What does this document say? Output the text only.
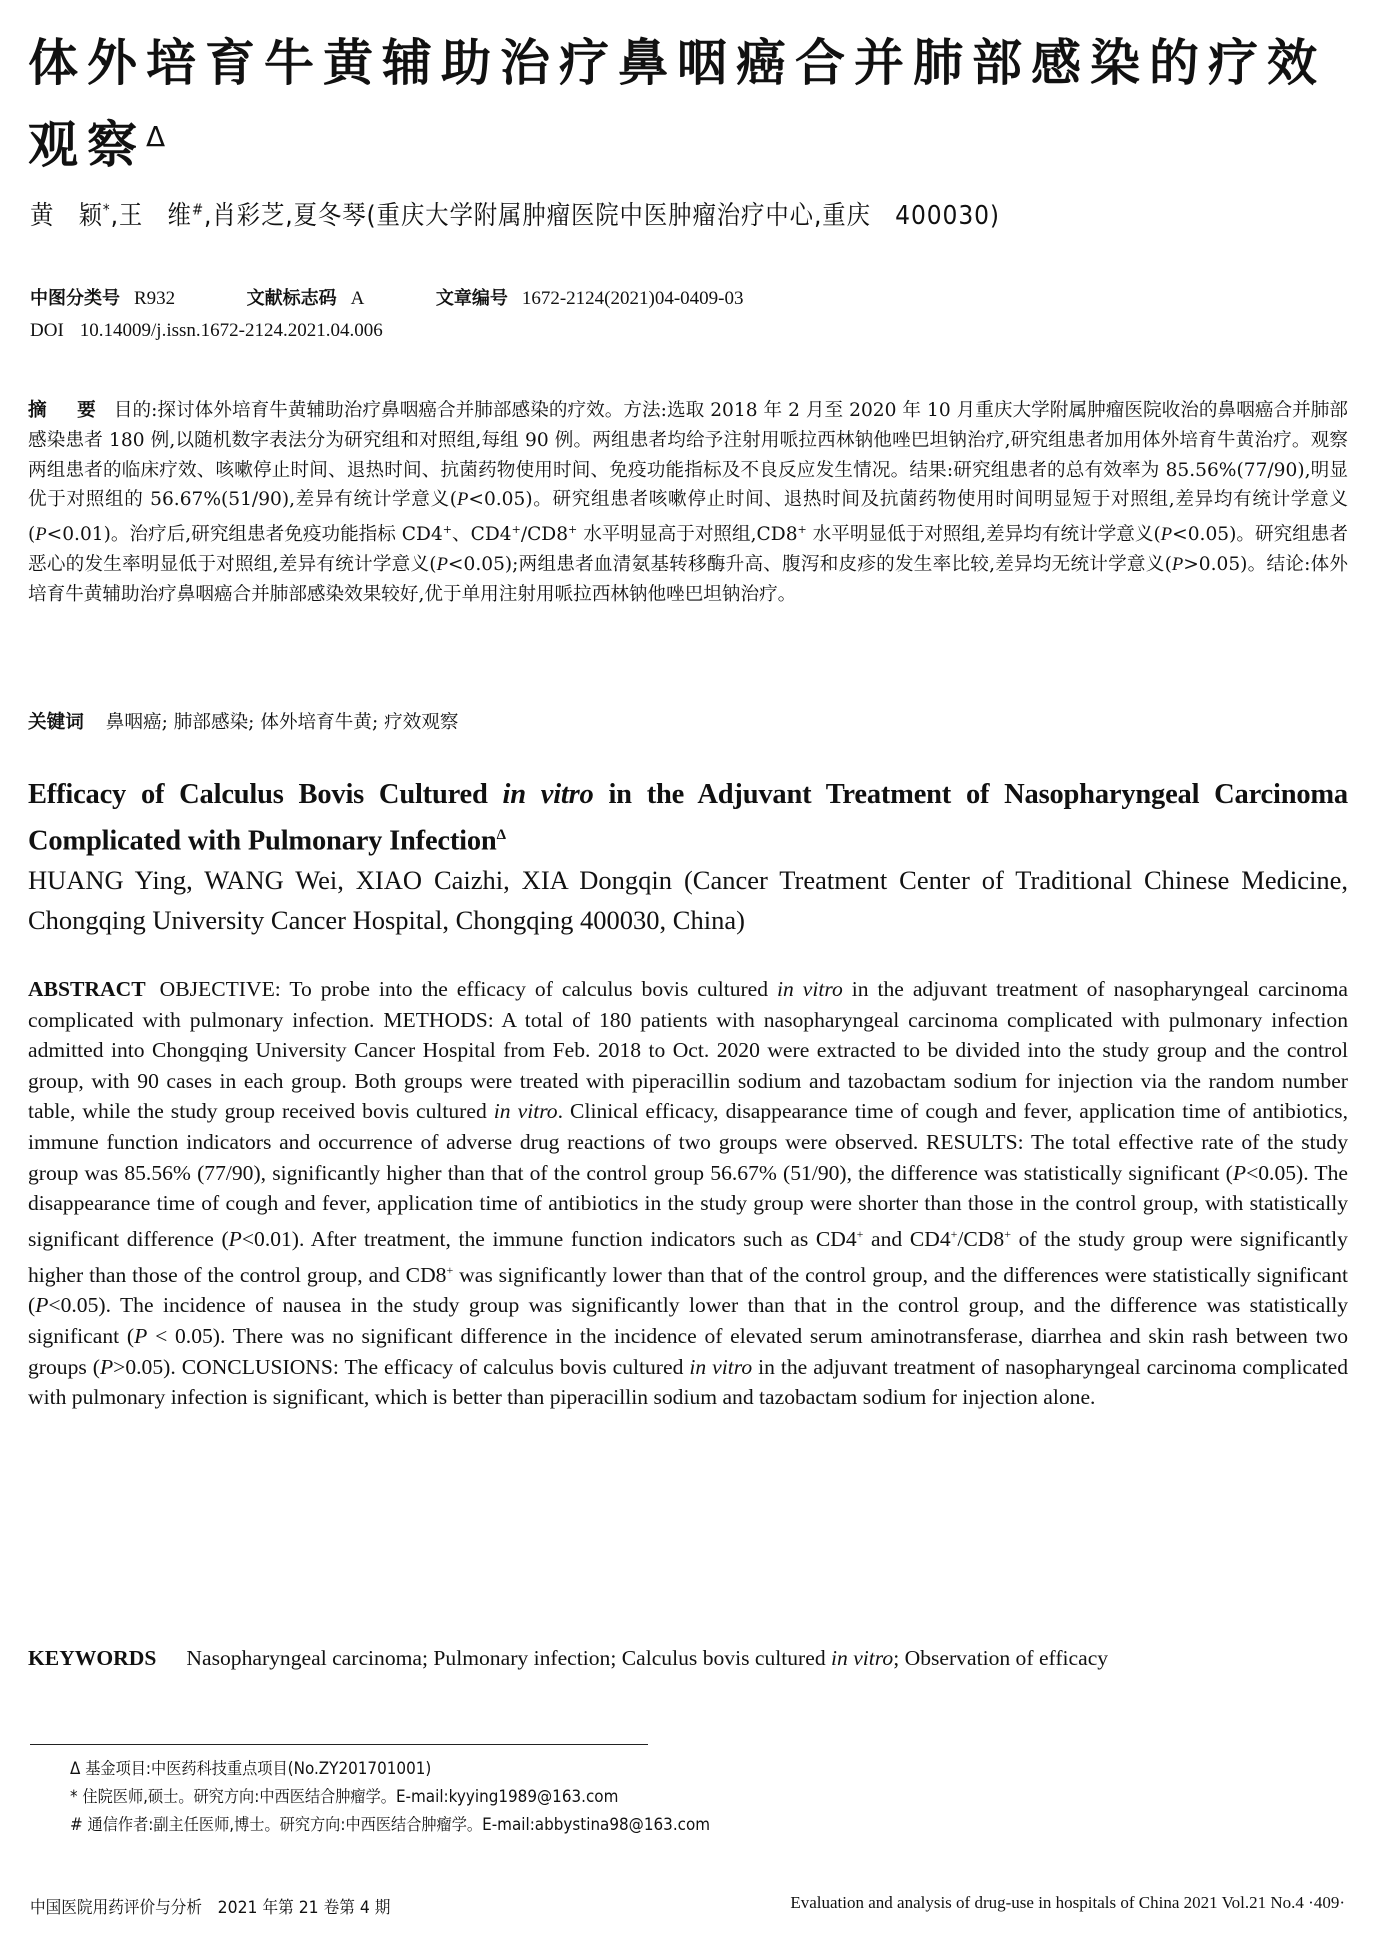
体外培育牛黄辅助治疗鼻咽癌合并肺部感染的疗效观察$^\Delta$
黄　颖*,王　维#,肖彩芝,夏冬琴(重庆大学附属肿瘤医院中医肿瘤治疗中心,重庆　400030)
中图分类号 R932	文献标志码 A	文章编号 1672-2124(2021)04-0409-03
DOI 10.14009/j.issn.1672-2124.2021.04.006
摘 要 目的:探讨体外培育牛黄辅助治疗鼻咽癌合并肺部感染的疗效。方法:选取 2018 年 2 月至 2020 年 10 月重庆大学附属肿瘤医院收治的鼻咽癌合并肺部感染患者 180 例,以随机数字表法分为研究组和对照组,每组 90 例。两组患者均给予注射用哌拉西林钠他唑巴坦钠治疗,研究组患者加用体外培育牛黄治疗。观察两组患者的临床疗效、咳嗽停止时间、退热时间、抗菌药物使用时间、免疫功能指标及不良反应发生情况。结果:研究组患者的总有效率为 85.56%(77/90),明显优于对照组的 56.67%(51/90),差异有统计学意义(P<0.05)。研究组患者咳嗽停止时间、退热时间及抗菌药物使用时间明显短于对照组,差异均有统计学意义(P<0.01)。治疗后,研究组患者免疫功能指标 CD4+、CD4+/CD8+ 水平明显高于对照组,CD8+ 水平明显低于对照组,差异均有统计学意义(P<0.05)。研究组患者恶心的发生率明显低于对照组,差异有统计学意义(P<0.05);两组患者血清氨基转移酶升高、腹泻和皮疹的发生率比较,差异均无统计学意义(P>0.05)。结论:体外培育牛黄辅助治疗鼻咽癌合并肺部感染效果较好,优于单用注射用哌拉西林钠他唑巴坦钠治疗。
关键词 鼻咽癌; 肺部感染; 体外培育牛黄; 疗效观察
Efficacy of Calculus Bovis Cultured in vitro in the Adjuvant Treatment of Nasopharyngeal Carcinoma Complicated with Pulmonary Infection$^\Delta$
HUANG Ying, WANG Wei, XIAO Caizhi, XIA Dongqin (Cancer Treatment Center of Traditional Chinese Medicine, Chongqing University Cancer Hospital, Chongqing 400030, China)
ABSTRACT OBJECTIVE: To probe into the efficacy of calculus bovis cultured in vitro in the adjuvant treatment of nasopharyngeal carcinoma complicated with pulmonary infection. METHODS: A total of 180 patients with nasopharyngeal carcinoma complicated with pulmonary infection admitted into Chongqing University Cancer Hospital from Feb. 2018 to Oct. 2020 were extracted to be divided into the study group and the control group, with 90 cases in each group. Both groups were treated with piperacillin sodium and tazobactam sodium for injection via the random number table, while the study group received bovis cultured in vitro. Clinical efficacy, disappearance time of cough and fever, application time of antibiotics, immune function indicators and occurrence of adverse drug reactions of two groups were observed. RESULTS: The total effective rate of the study group was 85.56% (77/90), significantly higher than that of the control group 56.67% (51/90), the difference was statistically significant (P<0.05). The disappearance time of cough and fever, application time of antibiotics in the study group were shorter than those in the control group, with statistically significant difference (P<0.01). After treatment, the immune function indicators such as CD4+ and CD4+/CD8+ of the study group were significantly higher than those of the control group, and CD8+ was significantly lower than that of the control group, and the differences were statistically significant (P<0.05). The incidence of nausea in the study group was significantly lower than that in the control group, and the difference was statistically significant (P < 0.05). There was no significant difference in the incidence of elevated serum aminotransferase, diarrhea and skin rash between two groups (P>0.05). CONCLUSIONS: The efficacy of calculus bovis cultured in vitro in the adjuvant treatment of nasopharyngeal carcinoma complicated with pulmonary infection is significant, which is better than piperacillin sodium and tazobactam sodium for injection alone.
KEYWORDS Nasopharyngeal carcinoma; Pulmonary infection; Calculus bovis cultured in vitro; Observation of efficacy
Δ 基金项目:中医药科技重点项目(No.ZY201701001)
* 住院医师,硕士。研究方向:中西医结合肿瘤学。E-mail:kyying1989@163.com
# 通信作者:副主任医师,博士。研究方向:中西医结合肿瘤学。E-mail:abbystina98@163.com
中国医院用药评价与分析　2021 年第 21 卷第 4 期	Evaluation and analysis of drug-use in hospitals of China 2021 Vol.21 No.4 ·409·
